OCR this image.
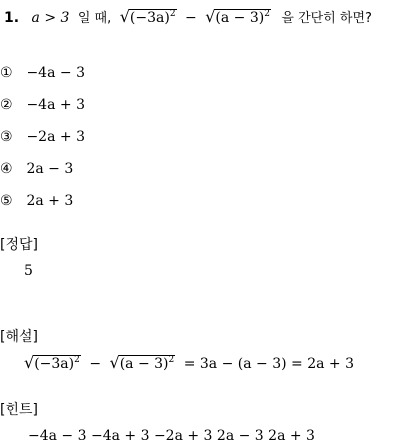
1. a > 3 일 때, √ $(-3a)^2$ − √ $(a - 3)^2$ 을 간단히 하면?
① −4a − 3
② −4a + 3
③ −2a + 3
④ 2a − 3
⑤ 2a + 3
[정답]
5
[해설]
√ $(-3a)^2$ − √ $(a - 3)^2 = 3a - (a - 3) = 2a + 3$
[힌트]
−4a − 3 −4a + 3 −2a + 3 2a − 3 2a + 3
